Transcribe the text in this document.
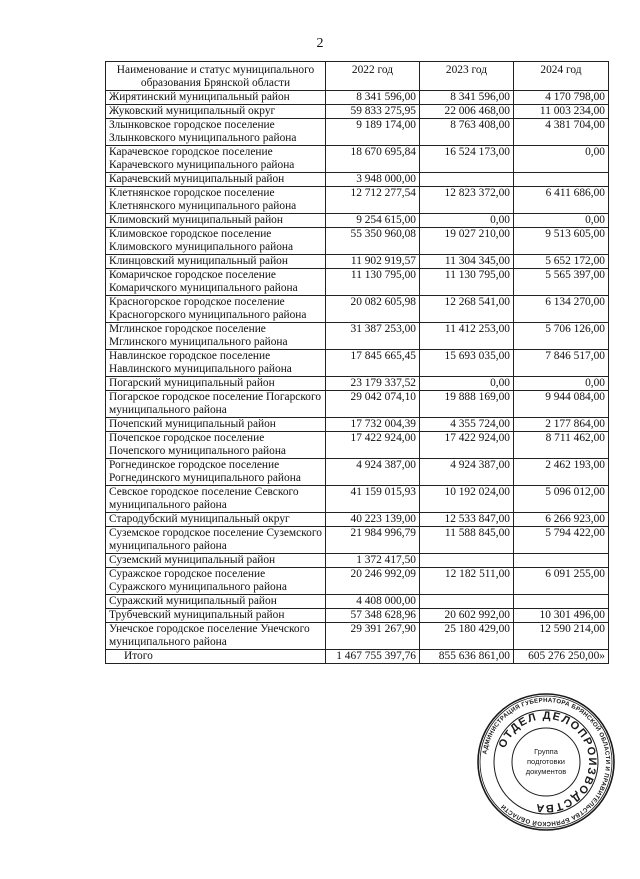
2
Наименование и статус муниципального образования Брянской области	2022 год	2023 год	2024 год
Жирятинский муниципальный район	8 341 596,00	8 341 596,00	4 170 798,00
Жуковский муниципальный округ	59 833 275,95	22 006 468,00	11 003 234,00
Злынковское городское поселение Злынковского муниципального района	9 189 174,00	8 763 408,00	4 381 704,00
Карачевское городское поселение Карачевского муниципального района	18 670 695,84	16 524 173,00	0,00
Карачевский муниципальный район	3 948 000,00		
Клетнянское городское поселение Клетнянского муниципального района	12 712 277,54	12 823 372,00	6 411 686,00
Климовский муниципальный район	9 254 615,00	0,00	0,00
Климовское городское поселение Климовского муниципального района	55 350 960,08	19 027 210,00	9 513 605,00
Клинцовский муниципальный район	11 902 919,57	11 304 345,00	5 652 172,00
Комаричское городское поселение Комаричского муниципального района	11 130 795,00	11 130 795,00	5 565 397,00
Красногорское городское поселение Красногорского муниципального района	20 082 605,98	12 268 541,00	6 134 270,00
Мглинское городское поселение Мглинского муниципального района	31 387 253,00	11 412 253,00	5 706 126,00
Навлинское городское поселение Навлинского муниципального района	17 845 665,45	15 693 035,00	7 846 517,00
Погарский муниципальный район	23 179 337,52	0,00	0,00
Погарское городское поселение Погарского муниципального района	29 042 074,10	19 888 169,00	9 944 084,00
Почепский муниципальный район	17 732 004,39	4 355 724,00	2 177 864,00
Почепское городское поселение Почепского муниципального района	17 422 924,00	17 422 924,00	8 711 462,00
Рогнединское городское поселение Рогнединского муниципального района	4 924 387,00	4 924 387,00	2 462 193,00
Севское городское поселение Севского муниципального района	41 159 015,93	10 192 024,00	5 096 012,00
Стародубский муниципальный округ	40 223 139,00	12 533 847,00	6 266 923,00
Суземское городское поселение Суземского муниципального района	21 984 996,79	11 588 845,00	5 794 422,00
Суземский муниципальный район	1 372 417,50		
Суражское городское поселение Суражского муниципального района	20 246 992,09	12 182 511,00	6 091 255,00
Суражский муниципальный район	4 408 000,00		
Трубчевский муниципальный район	57 348 628,96	20 602 992,00	10 301 496,00
Унечское городское поселение Унечского муниципального района	29 391 267,90	25 180 429,00	12 590 214,00
Итого	1 467 755 397,76	855 636 861,00	605 276 250,00»
АДМИНИСТРАЦИЯ ГУБЕРНАТОРА БРЯНСКОЙ ОБЛАСТИ И ПРАВИТЕЛЬСТВА БРЯНСКОЙ ОБЛАСТИ
ОТДЕЛ ДЕЛОПРОИЗВОДСТВА
Группа
подготовки
документов
